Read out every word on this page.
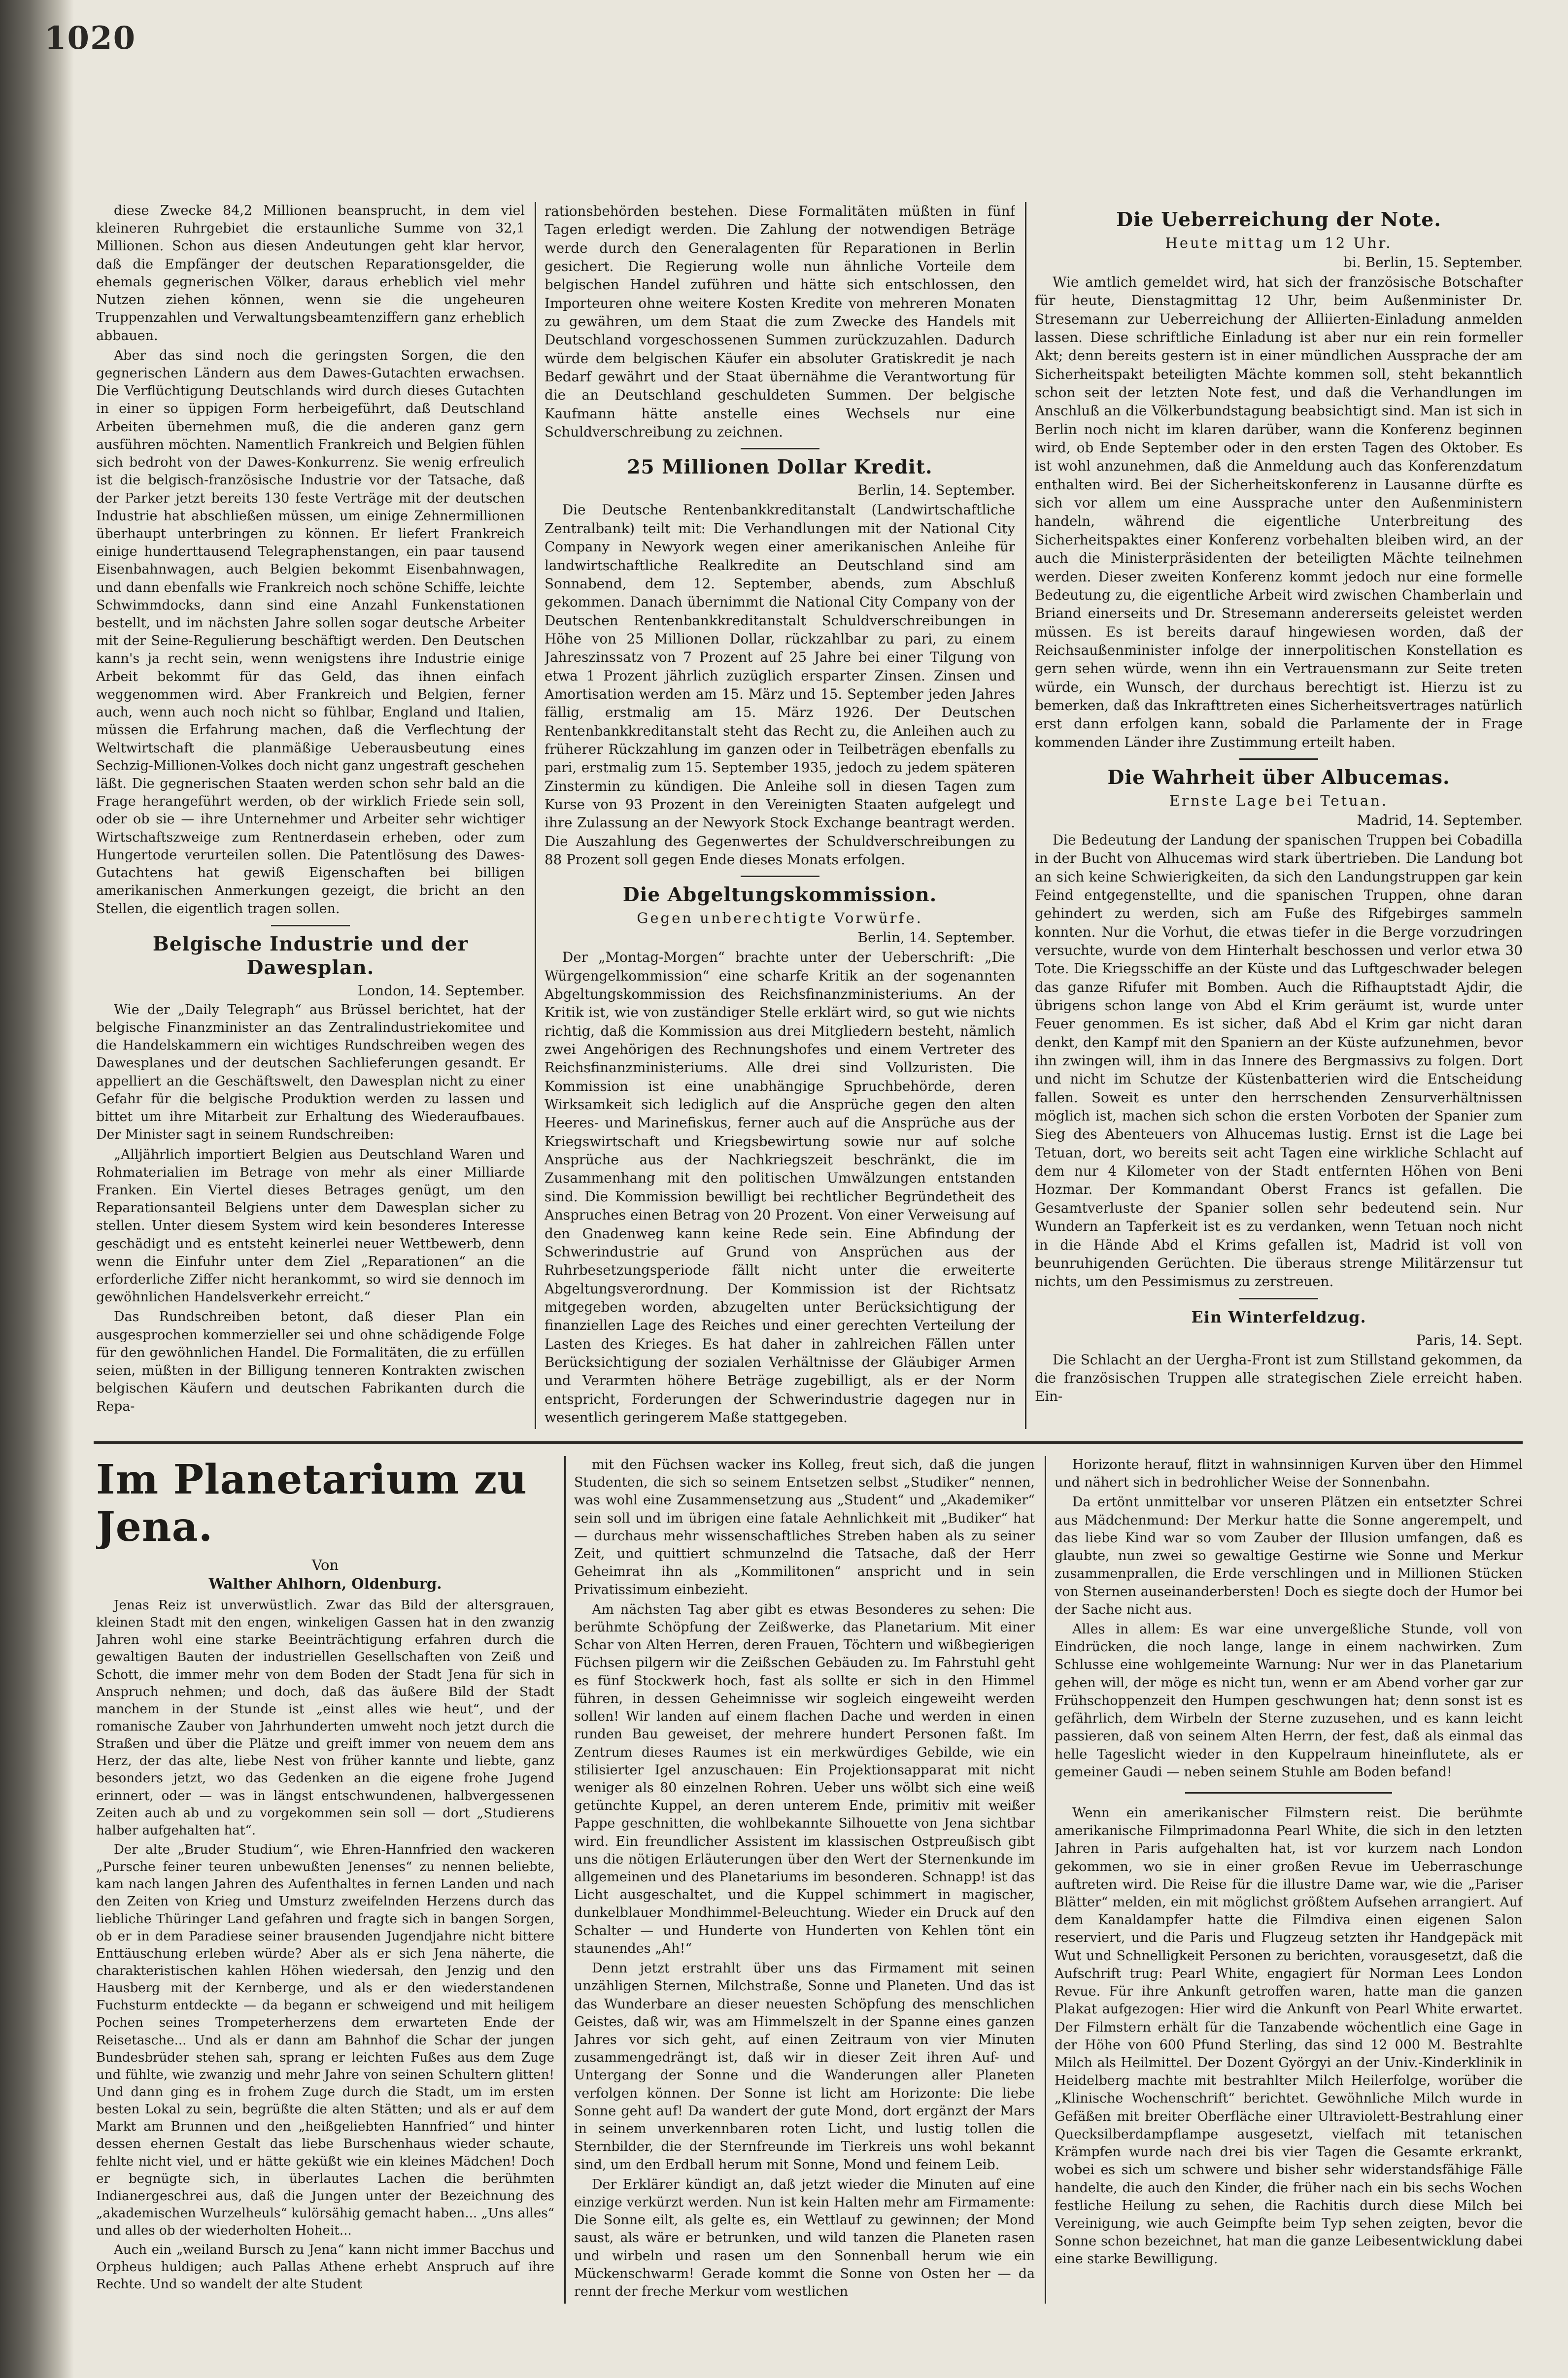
1020

diese Zwecke 84,2 Millionen beansprucht, in dem viel kleineren Ruhrgebiet die erstaunliche Summe von 32,1 Millionen. Schon aus diesen Andeutungen geht klar hervor, daß die Empfänger der deutschen Reparationsgelder, die ehemals gegnerischen Völker, daraus erheblich viel mehr Nutzen ziehen können, wenn sie die ungeheuren Truppenzahlen und Verwaltungsbeamtenziffern ganz erheblich abbauen.

Aber das sind noch die geringsten Sorgen, die den gegnerischen Ländern aus dem Dawes-Gutachten erwachsen. Die Verflüchtigung Deutschlands wird durch dieses Gutachten in einer so üppigen Form herbeigeführt, daß Deutschland Arbeiten übernehmen muß, die die anderen ganz gern ausführen möchten. Namentlich Frankreich und Belgien fühlen sich bedroht von der Dawes-Konkurrenz. Sie wenig erfreulich ist die belgisch-französische Industrie vor der Tatsache, daß der Parker jetzt bereits 130 feste Verträge mit der deutschen Industrie hat abschließen müssen, um einige Zehnermillionen überhaupt unterbringen zu können. Er liefert Frankreich einige hunderttausend Telegraphenstangen, ein paar tausend Eisenbahnwagen, auch Belgien bekommt Eisenbahnwagen, und dann ebenfalls wie Frankreich noch schöne Schiffe, leichte Schwimmdocks, dann sind eine Anzahl Funkenstationen bestellt, und im nächsten Jahre sollen sogar deutsche Arbeiter mit der Seine-Regulierung beschäftigt werden. Den Deutschen kann's ja recht sein, wenn wenigstens ihre Industrie einige Arbeit bekommt für das Geld, das ihnen einfach weggenommen wird. Aber Frankreich und Belgien, ferner auch, wenn auch noch nicht so fühlbar, England und Italien, müssen die Erfahrung machen, daß die Verflechtung der Weltwirtschaft die planmäßige Ueberausbeutung eines Sechzig-Millionen-Volkes doch nicht ganz ungestraft geschehen läßt. Die gegnerischen Staaten werden schon sehr bald an die Frage herangeführt werden, ob der wirklich Friede sein soll, oder ob sie — ihre Unternehmer und Arbeiter sehr wichtiger Wirtschaftszweige zum Rentnerdasein erheben, oder zum Hungertode verurteilen sollen. Die Patentlösung des Dawes-Gutachtens hat gewiß Eigenschaften bei billigen amerikanischen Anmerkungen gezeigt, die bricht an den Stellen, die eigentlich tragen sollen.

Belgische Industrie und der Dawesplan.
London, 14. September.

Wie der „Daily Telegraph“ aus Brüssel berichtet, hat der belgische Finanzminister an das Zentralindustriekomitee und die Handelskammern ein wichtiges Rundschreiben wegen des Dawesplanes und der deutschen Sachlieferungen gesandt. Er appelliert an die Geschäftswelt, den Dawesplan nicht zu einer Gefahr für die belgische Produktion werden zu lassen und bittet um ihre Mitarbeit zur Erhaltung des Wiederaufbaues. Der Minister sagt in seinem Rundschreiben:

„Alljährlich importiert Belgien aus Deutschland Waren und Rohmaterialien im Betrage von mehr als einer Milliarde Franken. Ein Viertel dieses Betrages genügt, um den Reparationsanteil Belgiens unter dem Dawesplan sicher zu stellen. Unter diesem System wird kein besonderes Interesse geschädigt und es entsteht keinerlei neuer Wettbewerb, denn wenn die Einfuhr unter dem Ziel „Reparationen“ an die erforderliche Ziffer nicht herankommt, so wird sie dennoch im gewöhnlichen Handelsverkehr erreicht.“

Das Rundschreiben betont, daß dieser Plan ein ausgesprochen kommerzieller sei und ohne schädigende Folge für den gewöhnlichen Handel. Die Formalitäten, die zu erfüllen seien, müßten in der Billigung tenneren Kontrakten zwischen belgischen Käufern und deutschen Fabrikanten durch die Repa-

rationsbehörden bestehen. Diese Formalitäten müßten in fünf Tagen erledigt werden. Die Zahlung der notwendigen Beträge werde durch den Generalagenten für Reparationen in Berlin gesichert. Die Regierung wolle nun ähnliche Vorteile dem belgischen Handel zuführen und hätte sich entschlossen, den Importeuren ohne weitere Kosten Kredite von mehreren Monaten zu gewähren, um dem Staat die zum Zwecke des Handels mit Deutschland vorgeschossenen Summen zurückzuzahlen. Dadurch würde dem belgischen Käufer ein absoluter Gratiskredit je nach Bedarf gewährt und der Staat übernähme die Verantwortung für die an Deutschland geschuldeten Summen. Der belgische Kaufmann hätte anstelle eines Wechsels nur eine Schuldverschreibung zu zeichnen.

25 Millionen Dollar Kredit.
Berlin, 14. September.

Die Deutsche Rentenbankkreditanstalt (Landwirtschaftliche Zentralbank) teilt mit: Die Verhandlungen mit der National City Company in Newyork wegen einer amerikanischen Anleihe für landwirtschaftliche Realkredite an Deutschland sind am Sonnabend, dem 12. September, abends, zum Abschluß gekommen. Danach übernimmt die National City Company von der Deutschen Rentenbankkreditanstalt Schuldverschreibungen in Höhe von 25 Millionen Dollar, rückzahlbar zu pari, zu einem Jahreszinssatz von 7 Prozent auf 25 Jahre bei einer Tilgung von etwa 1 Prozent jährlich zuzüglich ersparter Zinsen. Zinsen und Amortisation werden am 15. März und 15. September jeden Jahres fällig, erstmalig am 15. März 1926. Der Deutschen Rentenbankkreditanstalt steht das Recht zu, die Anleihen auch zu früherer Rückzahlung im ganzen oder in Teilbeträgen ebenfalls zu pari, erstmalig zum 15. September 1935, jedoch zu jedem späteren Zinstermin zu kündigen. Die Anleihe soll in diesen Tagen zum Kurse von 93 Prozent in den Vereinigten Staaten aufgelegt und ihre Zulassung an der Newyork Stock Exchange beantragt werden. Die Auszahlung des Gegenwertes der Schuldverschreibungen zu 88 Prozent soll gegen Ende dieses Monats erfolgen.

Die Abgeltungskommission.
Gegen unberechtigte Vorwürfe.
Berlin, 14. September.

Der „Montag-Morgen“ brachte unter der Ueberschrift: „Die Würgengelkommission“ eine scharfe Kritik an der sogenannten Abgeltungskommission des Reichsfinanzministeriums. An der Kritik ist, wie von zuständiger Stelle erklärt wird, so gut wie nichts richtig, daß die Kommission aus drei Mitgliedern besteht, nämlich zwei Angehörigen des Rechnungshofes und einem Vertreter des Reichsfinanzministeriums. Alle drei sind Vollzuristen. Die Kommission ist eine unabhängige Spruchbehörde, deren Wirksamkeit sich lediglich auf die Ansprüche gegen den alten Heeres- und Marinefiskus, ferner auch auf die Ansprüche aus der Kriegswirtschaft und Kriegsbewirtung sowie nur auf solche Ansprüche aus der Nachkriegszeit beschränkt, die im Zusammenhang mit den politischen Umwälzungen entstanden sind. Die Kommission bewilligt bei rechtlicher Begründetheit des Anspruches einen Betrag von 20 Prozent. Von einer Verweisung auf den Gnadenweg kann keine Rede sein. Eine Abfindung der Schwerindustrie auf Grund von Ansprüchen aus der Ruhrbesetzungsperiode fällt nicht unter die erweiterte Abgeltungsverordnung. Der Kommission ist der Richtsatz mitgegeben worden, abzugelten unter Berücksichtigung der finanziellen Lage des Reiches und einer gerechten Verteilung der Lasten des Krieges. Es hat daher in zahlreichen Fällen unter Berücksichtigung der sozialen Verhältnisse der Gläubiger Armen und Verarmten höhere Beträge zugebilligt, als er der Norm entspricht, Forderungen der Schwerindustrie dagegen nur in wesentlich geringerem Maße stattgegeben.

Die Ueberreichung der Note.
Heute mittag um 12 Uhr.
bi. Berlin, 15. September.

Wie amtlich gemeldet wird, hat sich der französische Botschafter für heute, Dienstagmittag 12 Uhr, beim Außenminister Dr. Stresemann zur Ueberreichung der Alliierten-Einladung anmelden lassen. Diese schriftliche Einladung ist aber nur ein rein formeller Akt; denn bereits gestern ist in einer mündlichen Aussprache der am Sicherheitspakt beteiligten Mächte kommen soll, steht bekanntlich schon seit der letzten Note fest, und daß die Verhandlungen im Anschluß an die Völkerbundstagung beabsichtigt sind. Man ist sich in Berlin noch nicht im klaren darüber, wann die Konferenz beginnen wird, ob Ende September oder in den ersten Tagen des Oktober. Es ist wohl anzunehmen, daß die Anmeldung auch das Konferenzdatum enthalten wird. Bei der Sicherheitskonferenz in Lausanne dürfte es sich vor allem um eine Aussprache unter den Außenministern handeln, während die eigentliche Unterbreitung des Sicherheitspaktes einer Konferenz vorbehalten bleiben wird, an der auch die Ministerpräsidenten der beteiligten Mächte teilnehmen werden. Dieser zweiten Konferenz kommt jedoch nur eine formelle Bedeutung zu, die eigentliche Arbeit wird zwischen Chamberlain und Briand einerseits und Dr. Stresemann andererseits geleistet werden müssen. Es ist bereits darauf hingewiesen worden, daß der Reichsaußenminister infolge der innerpolitischen Konstellation es gern sehen würde, wenn ihn ein Vertrauensmann zur Seite treten würde, ein Wunsch, der durchaus berechtigt ist. Hierzu ist zu bemerken, daß das Inkrafttreten eines Sicherheitsvertrages natürlich erst dann erfolgen kann, sobald die Parlamente der in Frage kommenden Länder ihre Zustimmung erteilt haben.

Die Wahrheit über Albucemas.
Ernste Lage bei Tetuan.
Madrid, 14. September.

Die Bedeutung der Landung der spanischen Truppen bei Cobadilla in der Bucht von Alhucemas wird stark übertrieben. Die Landung bot an sich keine Schwierigkeiten, da sich den Landungstruppen gar kein Feind entgegenstellte, und die spanischen Truppen, ohne daran gehindert zu werden, sich am Fuße des Rifgebirges sammeln konnten. Nur die Vorhut, die etwas tiefer in die Berge vorzudringen versuchte, wurde von dem Hinterhalt beschossen und verlor etwa 30 Tote. Die Kriegsschiffe an der Küste und das Luftgeschwader belegen das ganze Rifufer mit Bomben. Auch die Rifhauptstadt Ajdir, die übrigens schon lange von Abd el Krim geräumt ist, wurde unter Feuer genommen. Es ist sicher, daß Abd el Krim gar nicht daran denkt, den Kampf mit den Spaniern an der Küste aufzunehmen, bevor ihn zwingen will, ihm in das Innere des Bergmassivs zu folgen. Dort und nicht im Schutze der Küstenbatterien wird die Entscheidung fallen. Soweit es unter den herrschenden Zensurverhältnissen möglich ist, machen sich schon die ersten Vorboten der Spanier zum Sieg des Abenteuers von Alhucemas lustig. Ernst ist die Lage bei Tetuan, dort, wo bereits seit acht Tagen eine wirkliche Schlacht auf dem nur 4 Kilometer von der Stadt entfernten Höhen von Beni Hozmar. Der Kommandant Oberst Francs ist gefallen. Die Gesamtverluste der Spanier sollen sehr bedeutend sein. Nur Wundern an Tapferkeit ist es zu verdanken, wenn Tetuan noch nicht in die Hände Abd el Krims gefallen ist, Madrid ist voll von beunruhigenden Gerüchten. Die überaus strenge Militärzensur tut nichts, um den Pessimismus zu zerstreuen.

Ein Winterfeldzug.
Paris, 14. Sept.

Die Schlacht an der Uergha-Front ist zum Stillstand gekommen, da die französischen Truppen alle strategischen Ziele erreicht haben. Ein-

Im Planetarium zu Jena.
Von
Walther Ahlhorn, Oldenburg.

Jenas Reiz ist unverwüstlich. Zwar das Bild der altersgrauen, kleinen Stadt mit den engen, winkeligen Gassen hat in den zwanzig Jahren wohl eine starke Beeinträchtigung erfahren durch die gewaltigen Bauten der industriellen Gesellschaften von Zeiß und Schott, die immer mehr von dem Boden der Stadt Jena für sich in Anspruch nehmen; und doch, daß das äußere Bild der Stadt manchem in der Stunde ist „einst alles wie heut“, und der romanische Zauber von Jahrhunderten umweht noch jetzt durch die Straßen und über die Plätze und greift immer von neuem dem ans Herz, der das alte, liebe Nest von früher kannte und liebte, ganz besonders jetzt, wo das Gedenken an die eigene frohe Jugend erinnert, oder — was in längst entschwundenen, halbvergessenen Zeiten auch ab und zu vorgekommen sein soll — dort „Studierens halber aufgehalten hat“.

Der alte „Bruder Studium“, wie Ehren-Hannfried den wackeren „Pursche feiner teuren unbewußten Jenenses“ zu nennen beliebte, kam nach langen Jahren des Aufenthaltes in fernen Landen und nach den Zeiten von Krieg und Umsturz zweifelnden Herzens durch das liebliche Thüringer Land gefahren und fragte sich in bangen Sorgen, ob er in dem Paradiese seiner brausenden Jugendjahre nicht bittere Enttäuschung erleben würde? Aber als er sich Jena näherte, die charakteristischen kahlen Höhen wiedersah, den Jenzig und den Hausberg mit der Kernberge, und als er den wiederstandenen Fuchsturm entdeckte — da begann er schweigend und mit heiligem Pochen seines Trompeterherzens dem erwarteten Ende der Reisetasche... Und als er dann am Bahnhof die Schar der jungen Bundesbrüder stehen sah, sprang er leichten Fußes aus dem Zuge und fühlte, wie zwanzig und mehr Jahre von seinen Schultern glitten! Und dann ging es in frohem Zuge durch die Stadt, um im ersten besten Lokal zu sein, begrüßte die alten Stätten; und als er auf dem Markt am Brunnen und den „heißgeliebten Hannfried“ und hinter dessen ehernen Gestalt das liebe Burschenhaus wieder schaute, fehlte nicht viel, und er hätte geküßt wie ein kleines Mädchen! Doch er begnügte sich, in überlautes Lachen die berühmten Indianergeschrei aus, daß die Jungen unter der Bezeichnung des „akademischen Wurzelheuls“ kulörsähig gemacht haben... „Uns alles“ und alles ob der wiederholten Hoheit...

Auch ein „weiland Bursch zu Jena“ kann nicht immer Bacchus und Orpheus huldigen; auch Pallas Athene erhebt Anspruch auf ihre Rechte. Und so wandelt der alte Student

mit den Füchsen wacker ins Kolleg, freut sich, daß die jungen Studenten, die sich so seinem Entsetzen selbst „Studiker“ nennen, was wohl eine Zusammensetzung aus „Student“ und „Akademiker“ sein soll und im übrigen eine fatale Aehnlichkeit mit „Budiker“ hat — durchaus mehr wissenschaftliches Streben haben als zu seiner Zeit, und quittiert schmunzelnd die Tatsache, daß der Herr Geheimrat ihn als „Kommilitonen“ anspricht und in sein Privatissimum einbezieht.

Am nächsten Tag aber gibt es etwas Besonderes zu sehen: Die berühmte Schöpfung der Zeißwerke, das Planetarium. Mit einer Schar von Alten Herren, deren Frauen, Töchtern und wißbegierigen Füchsen pilgern wir die Zeißschen Gebäuden zu. Im Fahrstuhl geht es fünf Stockwerk hoch, fast als sollte er sich in den Himmel führen, in dessen Geheimnisse wir sogleich eingeweiht werden sollen! Wir landen auf einem flachen Dache und werden in einen runden Bau geweiset, der mehrere hundert Personen faßt. Im Zentrum dieses Raumes ist ein merkwürdiges Gebilde, wie ein stilisierter Igel anzuschauen: Ein Projektionsapparat mit nicht weniger als 80 einzelnen Rohren. Ueber uns wölbt sich eine weiß getünchte Kuppel, an deren unterem Ende, primitiv mit weißer Pappe geschnitten, die wohlbekannte Silhouette von Jena sichtbar wird. Ein freundlicher Assistent im klassischen Ostpreußisch gibt uns die nötigen Erläuterungen über den Wert der Sternenkunde im allgemeinen und des Planetariums im besonderen. Schnapp! ist das Licht ausgeschaltet, und die Kuppel schimmert in magischer, dunkelblauer Mondhimmel-Beleuchtung. Wieder ein Druck auf den Schalter — und Hunderte von Hunderten von Kehlen tönt ein staunendes „Ah!“

Denn jetzt erstrahlt über uns das Firmament mit seinen unzähligen Sternen, Milchstraße, Sonne und Planeten. Und das ist das Wunderbare an dieser neuesten Schöpfung des menschlichen Geistes, daß wir, was am Himmelszelt in der Spanne eines ganzen Jahres vor sich geht, auf einen Zeitraum von vier Minuten zusammengedrängt ist, daß wir in dieser Zeit ihren Auf- und Untergang der Sonne und die Wanderungen aller Planeten verfolgen können. Der Sonne ist licht am Horizonte: Die liebe Sonne geht auf! Da wandert der gute Mond, dort ergänzt der Mars in seinem unverkennbaren roten Licht, und lustig tollen die Sternbilder, die der Sternfreunde im Tierkreis uns wohl bekannt sind, um den Erdball herum mit Sonne, Mond und feinem Leib.

Der Erklärer kündigt an, daß jetzt wieder die Minuten auf eine einzige verkürzt werden. Nun ist kein Halten mehr am Firmamente: Die Sonne eilt, als gelte es, ein Wettlauf zu gewinnen; der Mond saust, als wäre er betrunken, und wild tanzen die Planeten rasen und wirbeln und rasen um den Sonnenball herum wie ein Mückenschwarm! Gerade kommt die Sonne von Osten her — da rennt der freche Merkur vom westlichen

Horizonte herauf, flitzt in wahnsinnigen Kurven über den Himmel und nähert sich in bedrohlicher Weise der Sonnenbahn.

Da ertönt unmittelbar vor unseren Plätzen ein entsetzter Schrei aus Mädchenmund: Der Merkur hatte die Sonne angerempelt, und das liebe Kind war so vom Zauber der Illusion umfangen, daß es glaubte, nun zwei so gewaltige Gestirne wie Sonne und Merkur zusammenprallen, die Erde verschlingen und in Millionen Stücken von Sternen auseinanderbersten! Doch es siegte doch der Humor bei der Sache nicht aus.

Alles in allem: Es war eine unvergeßliche Stunde, voll von Eindrücken, die noch lange, lange in einem nachwirken. Zum Schlusse eine wohlgemeinte Warnung: Nur wer in das Planetarium gehen will, der möge es nicht tun, wenn er am Abend vorher gar zur Frühschoppenzeit den Humpen geschwungen hat; denn sonst ist es gefährlich, dem Wirbeln der Sterne zuzusehen, und es kann leicht passieren, daß von seinem Alten Herrn, der fest, daß als einmal das helle Tageslicht wieder in den Kuppelraum hineinflutete, als er gemeiner Gaudi — neben seinem Stuhle am Boden befand!

Wenn ein amerikanischer Filmstern reist. Die berühmte amerikanische Filmprimadonna Pearl White, die sich in den letzten Jahren in Paris aufgehalten hat, ist vor kurzem nach London gekommen, wo sie in einer großen Revue im Ueberraschunge auftreten wird. Die Reise für die illustre Dame war, wie die „Pariser Blätter“ melden, ein mit möglichst größtem Aufsehen arrangiert. Auf dem Kanaldampfer hatte die Filmdiva einen eigenen Salon reserviert, und die Paris und Flugzeug setzten ihr Handgepäck mit Wut und Schnelligkeit Personen zu berichten, vorausgesetzt, daß die Aufschrift trug: Pearl White, engagiert für Norman Lees London Revue. Für ihre Ankunft getroffen waren, hatte man die ganzen Plakat aufgezogen: Hier wird die Ankunft von Pearl White erwartet. Der Filmstern erhält für die Tanzabende wöchentlich eine Gage in der Höhe von 600 Pfund Sterling, das sind 12 000 M. Bestrahlte Milch als Heilmittel. Der Dozent Györgyi an der Univ.-Kinderklinik in Heidelberg machte mit bestrahlter Milch Heilerfolge, worüber die „Klinische Wochenschrift“ berichtet. Gewöhnliche Milch wurde in Gefäßen mit breiter Oberfläche einer Ultraviolett-Bestrahlung einer Quecksilberdampflampe ausgesetzt, vielfach mit tetanischen Krämpfen wurde nach drei bis vier Tagen die Gesamte erkrankt, wobei es sich um schwere und bisher sehr widerstandsfähige Fälle handelte, die auch den Kinder, die früher nach ein bis sechs Wochen festliche Heilung zu sehen, die Rachitis durch diese Milch bei Vereinigung, wie auch Geimpfte beim Typ sehen zeigten, bevor die Sonne schon bezeichnet, hat man die ganze Leibesentwicklung dabei eine starke Bewilligung.
